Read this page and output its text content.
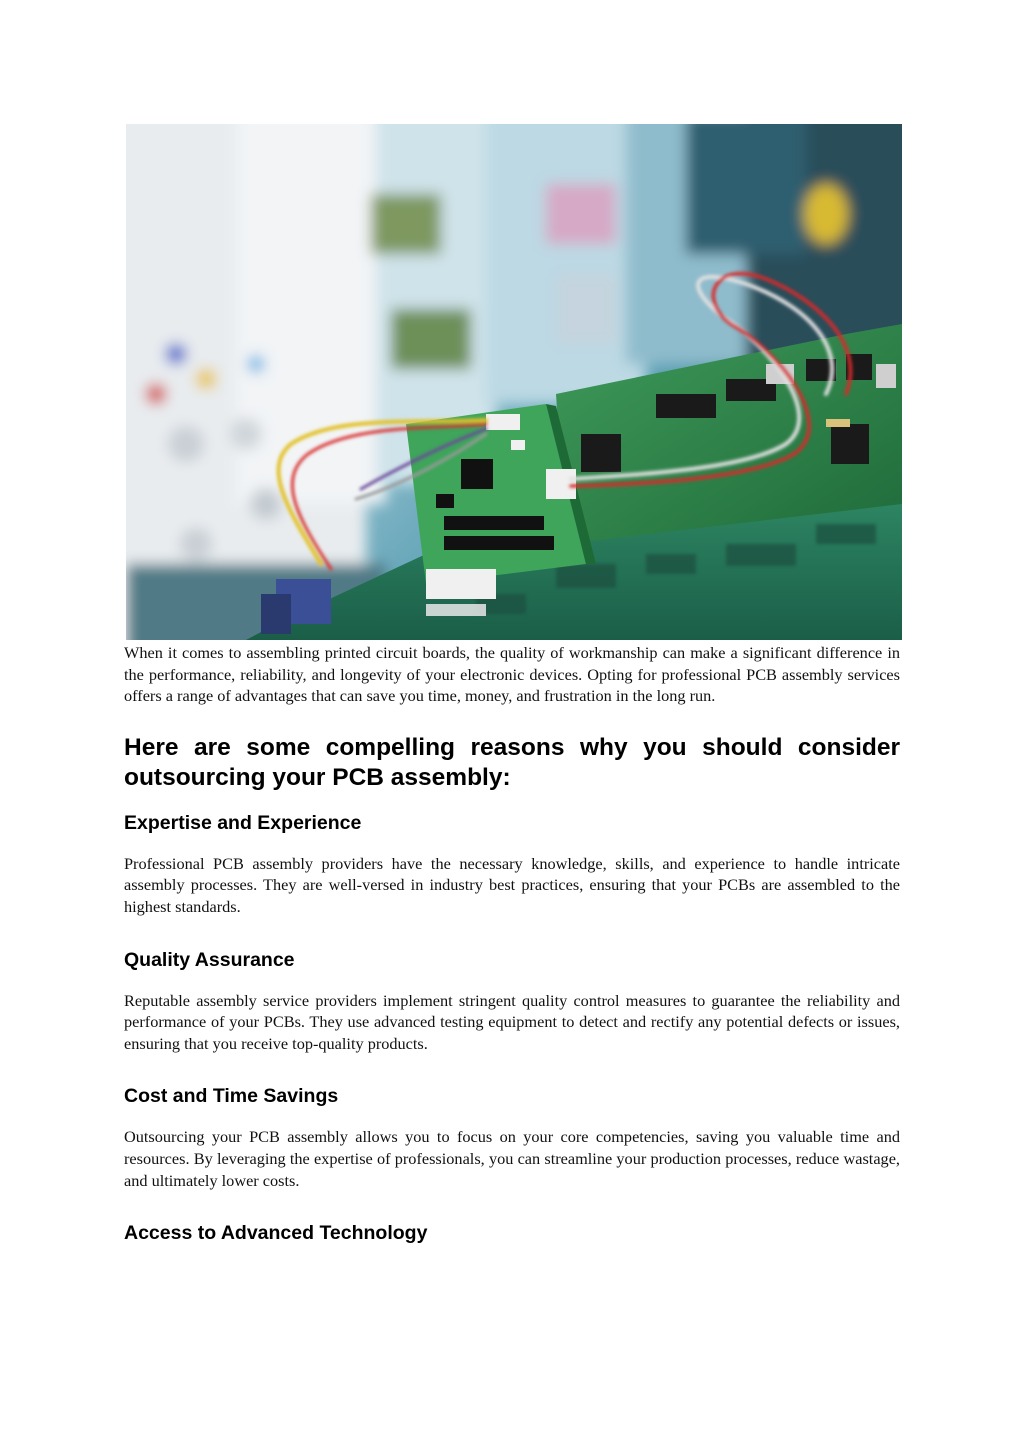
When it comes to assembling printed circuit boards, the quality of workmanship can make a significant difference in the performance, reliability, and longevity of your electronic devices. Opting for professional PCB assembly services offers a range of advantages that can save you time, money, and frustration in the long run.

Here are some compelling reasons why you should consider outsourcing your PCB assembly:
Expertise and Experience

Professional PCB assembly providers have the necessary knowledge, skills, and experience to handle intricate assembly processes. They are well-versed in industry best practices, ensuring that your PCBs are assembled to the highest standards.

Quality Assurance

Reputable assembly service providers implement stringent quality control measures to guarantee the reliability and performance of your PCBs. They use advanced testing equipment to detect and rectify any potential defects or issues, ensuring that you receive top-quality products.

Cost and Time Savings

Outsourcing your PCB assembly allows you to focus on your core competencies, saving you valuable time and resources. By leveraging the expertise of professionals, you can streamline your production processes, reduce wastage, and ultimately lower costs.

Access to Advanced Technology
